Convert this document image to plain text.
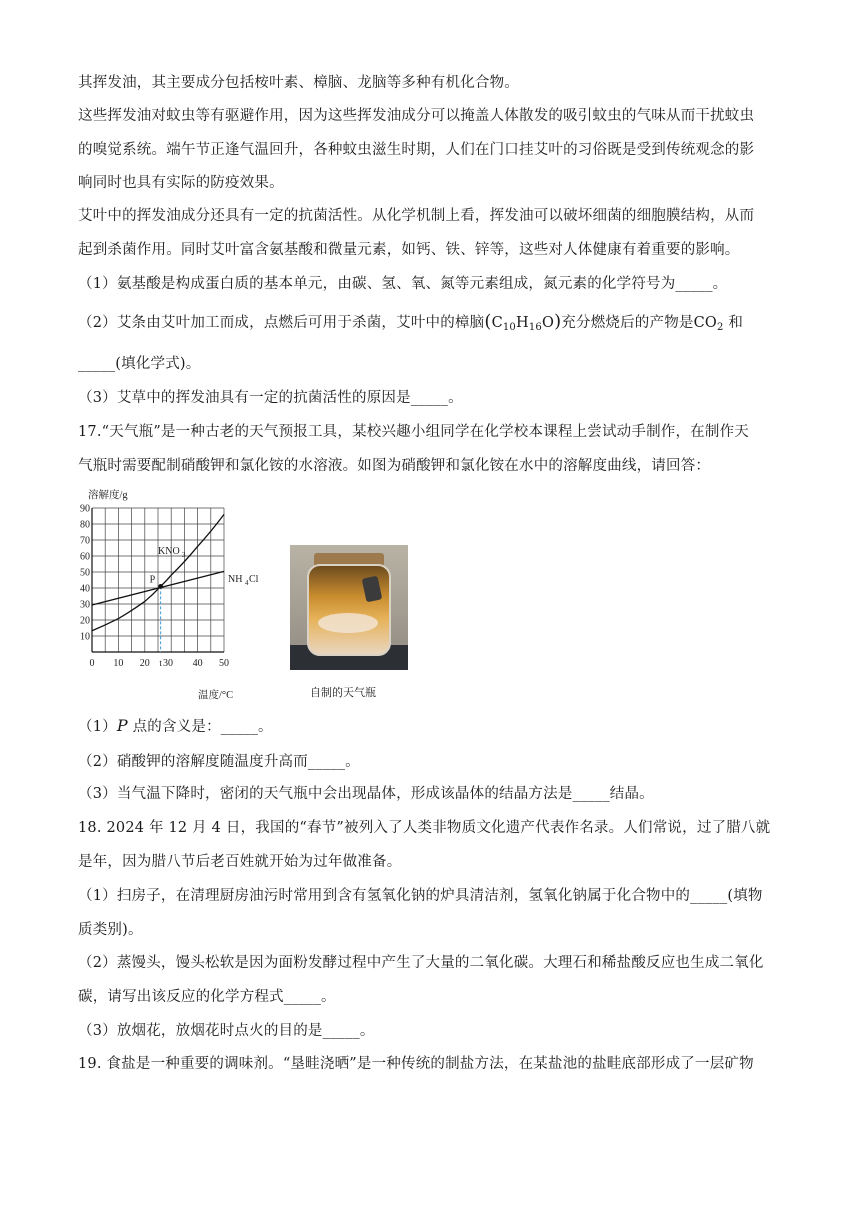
其挥发油，其主要成分包括桉叶素、樟脑、龙脑等多种有机化合物。
这些挥发油对蚊虫等有驱避作用，因为这些挥发油成分可以掩盖人体散发的吸引蚊虫的气味从而干扰蚊虫
的嗅觉系统。端午节正逢气温回升，各种蚊虫滋生时期，人们在门口挂艾叶的习俗既是受到传统观念的影
响同时也具有实际的防疫效果。
艾叶中的挥发油成分还具有一定的抗菌活性。从化学机制上看，挥发油可以破坏细菌的细胞膜结构，从而
起到杀菌作用。同时艾叶富含氨基酸和微量元素，如钙、铁、锌等，这些对人体健康有着重要的影响。
（1）氨基酸是构成蛋白质的基本单元，由碳、氢、氧、氮等元素组成，氮元素的化学符号为_____。
（2）艾条由艾叶加工而成，点燃后可用于杀菌，艾叶中的樟脑$(C_{10}H_{16}O)$充分燃烧后的产物是$CO_2$ 和
_____(填化学式)。
（3）艾草中的挥发油具有一定的抗菌活性的原因是_____。
17.“天气瓶”是一种古老的天气预报工具，某校兴趣小组同学在化学校本课程上尝试动手制作，在制作天
气瓶时需要配制硝酸钾和氯化铵的水溶液。如图为硝酸钾和氯化铵在水中的溶解度曲线，请回答：
10
20
30
40
50
60
70
80
90
0 10 20 t 30 40 50
溶解度/g
温度/°C
KNO 3
NH 4 Cl
P
自制的天气瓶
（1）P 点的含义是：_____。
（2）硝酸钾的溶解度随温度升高而_____。
（3）当气温下降时，密闭的天气瓶中会出现晶体，形成该晶体的结晶方法是_____结晶。
18. 2024 年 12 月 4 日，我国的“春节”被列入了人类非物质文化遗产代表作名录。人们常说，过了腊八就
是年，因为腊八节后老百姓就开始为过年做准备。
（1）扫房子，在清理厨房油污时常用到含有氢氧化钠的炉具清洁剂，氢氧化钠属于化合物中的_____(填物
质类别)。
（2）蒸馒头，馒头松软是因为面粉发酵过程中产生了大量的二氧化碳。大理石和稀盐酸反应也生成二氧化
碳，请写出该反应的化学方程式_____。
（3）放烟花，放烟花时点火的目的是_____。
19. 食盐是一种重要的调味剂。“垦畦浇晒”是一种传统的制盐方法，在某盐池的盐畦底部形成了一层矿物
